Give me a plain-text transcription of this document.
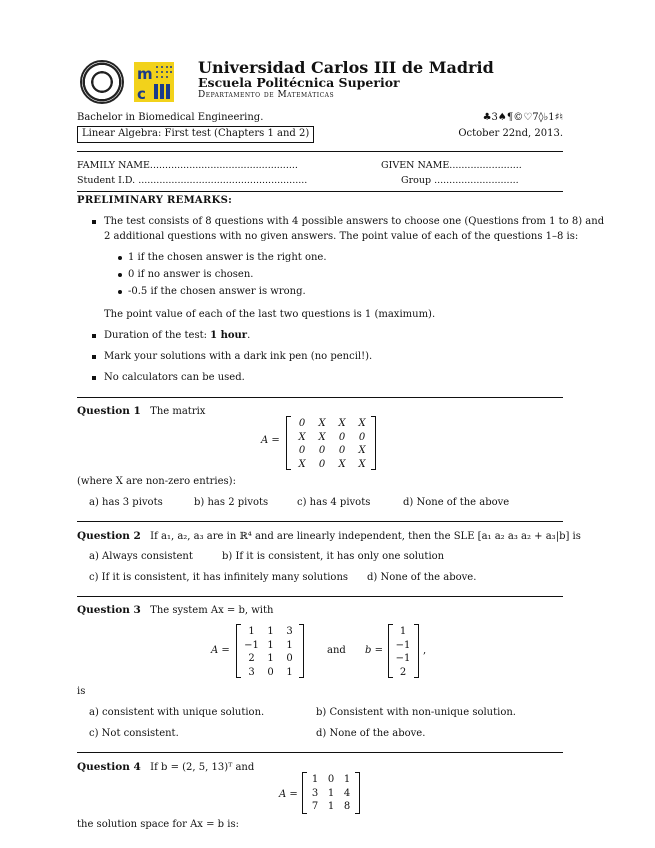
m
c
Universidad Carlos III de Madrid
Escuela Politécnica Superior
Departamento de Matemáticas
Bachelor in Biomedical Engineering.	♣3♠¶©♡7◊♭1♯♮
Linear Algebra: First test (Chapters 1 and 2)	October 22nd, 2013.
FAMILY NAME.................................................	GIVEN NAME........................
Student I.D. ........................................................	Group ............................
PRELIMINARY REMARKS:
The test consists of 8 questions with 4 possible answers to choose one (Questions from 1 to 8) and
2 additional questions with no given answers. The point value of each of the questions 1–8 is:
1 if the chosen answer is the right one.
0 if no answer is chosen.
-0.5 if the chosen answer is wrong.
The point value of each of the last two questions is 1 (maximum).
Duration of the test: 1 hour.
Mark your solutions with a dark ink pen (no pencil!).
No calculators can be used.
Question 1 The matrix
A =
0	X	X	X
X	X	0	0
0	0	0	X
X	0	X	X
(where X are non-zero entries):
a) has 3 pivots	b) has 2 pivots	c) has 4 pivots	d) None of the above
Question 2 If a₁, a₂, a₃ are in ℝ⁴ and are linearly independent, then the SLE [a₁ a₂ a₃ a₂ + a₃|b] is
a) Always consistent	b) If it is consistent, it has only one solution
c) If it is consistent, it has infinitely many solutions d) None of the above.
Question 3 The system Ax = b, with
A =
1	1	3
−1 1	1
2	1	0
3	0	1
and b =
1
−1
−1
2
,
is
a) consistent with unique solution.	b) Consistent with non-unique solution.
c) Not consistent.	d) None of the above.
Question 4 If b = (2, 5, 13)ᵀ and
A =
1 0 1
3 1 4
7 1 8
the solution space for Ax = b is:
